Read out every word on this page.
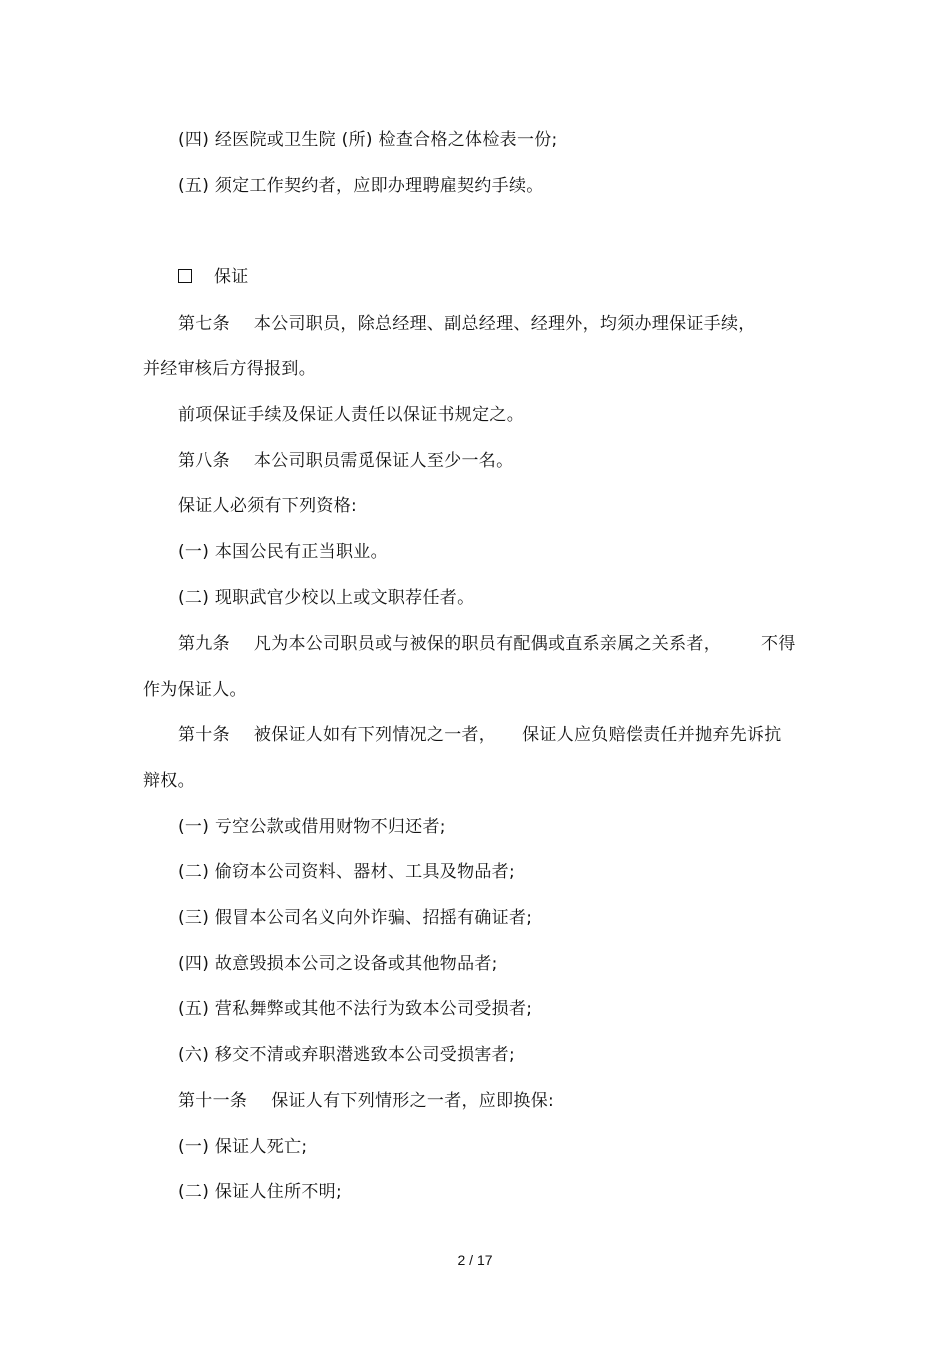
(四) 经医院或卫生院 (所) 检查合格之体检表一份;
(五) 须定工作契约者，应即办理聘雇契约手续。
保证
第七条 本公司职员，除总经理、副总经理、经理外，均须办理保证手续，
并经审核后方得报到。
前项保证手续及保证人责任以保证书规定之。
第八条 本公司职员需觅保证人至少一名。
保证人必须有下列资格:
(一) 本国公民有正当职业。
(二) 现职武官少校以上或文职荐任者。
第九条 凡为本公司职员或与被保的职员有配偶或直系亲属之关系者， 不得
作为保证人。
第十条 被保证人如有下列情况之一者， 保证人应负赔偿责任并抛弃先诉抗
辩权。
(一) 亏空公款或借用财物不归还者;
(二) 偷窃本公司资料、器材、工具及物品者;
(三) 假冒本公司名义向外诈骗、招摇有确证者;
(四) 故意毁损本公司之设备或其他物品者;
(五) 营私舞弊或其他不法行为致本公司受损者;
(六) 移交不清或弃职潜逃致本公司受损害者;
第十一条 保证人有下列情形之一者，应即换保:
(一) 保证人死亡;
(二) 保证人住所不明;
2 / 17
